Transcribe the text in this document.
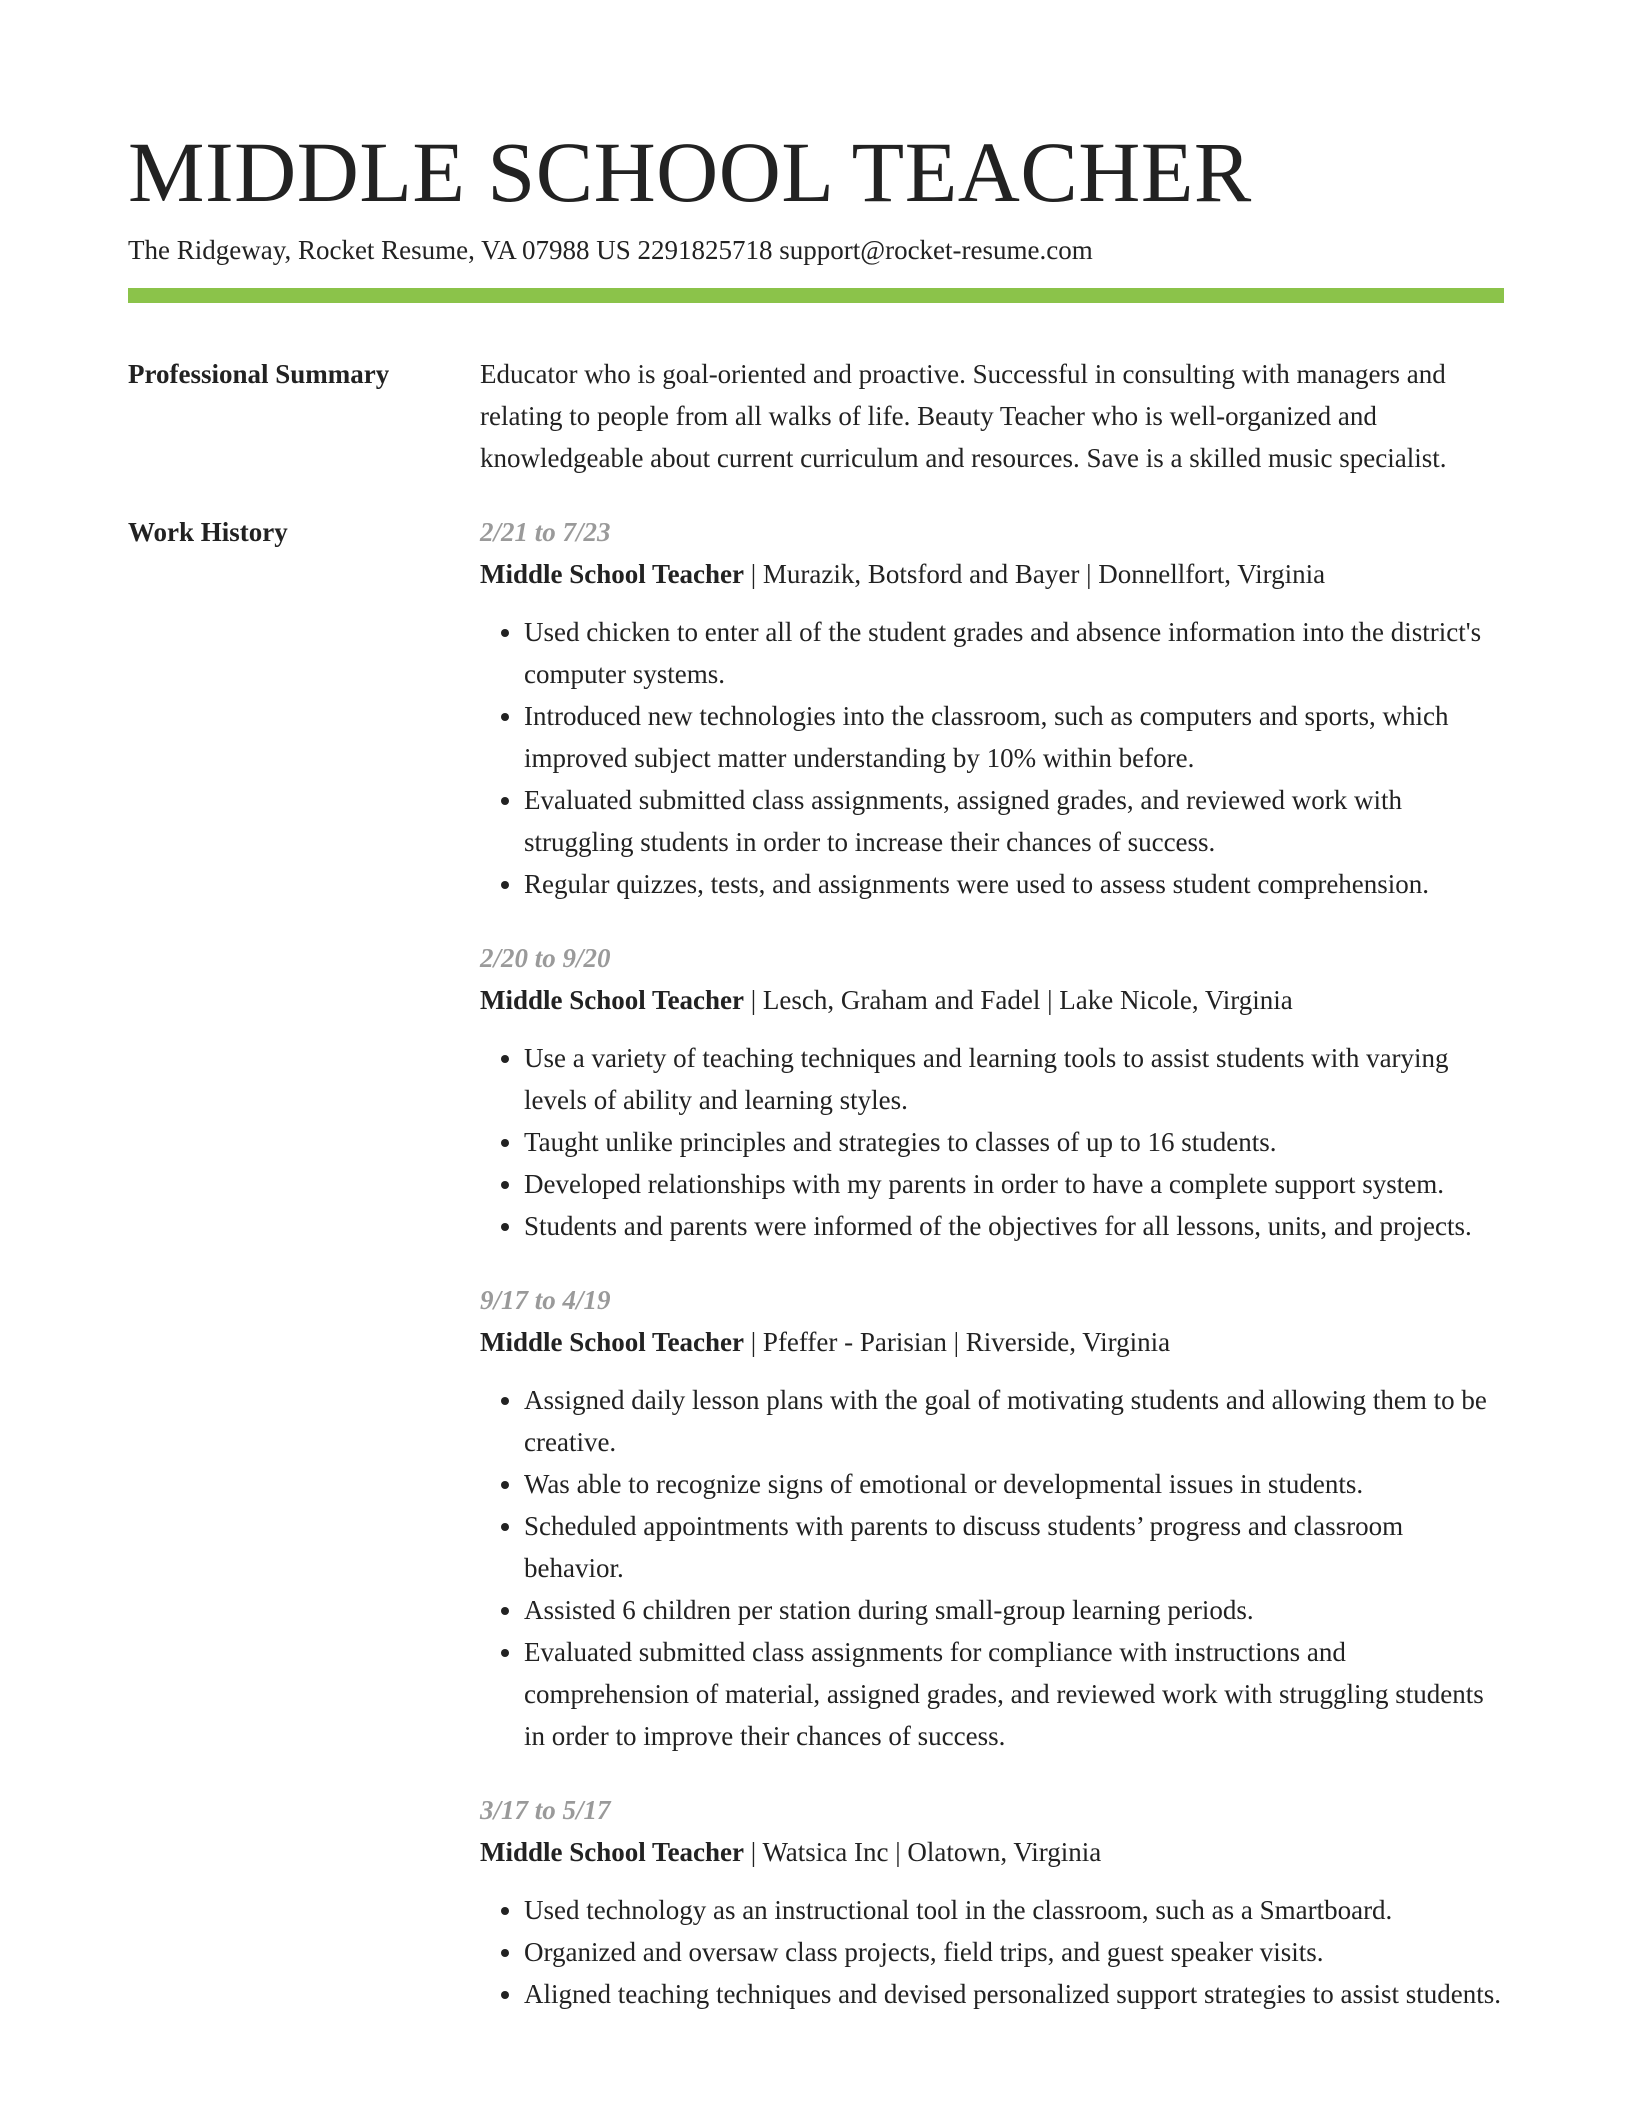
MIDDLE SCHOOL TEACHER
The Ridgeway, Rocket Resume, VA 07988 US 2291825718 support@rocket-resume.com
Professional Summary	Educator who is goal-oriented and proactive. Successful in consulting with managers and relating to people from all walks of life. Beauty Teacher who is well-organized and knowledgeable about current curriculum and resources. Save is a skilled music specialist.
Work History	2/21 to 7/23
Middle School Teacher | Murazik, Botsford and Bayer | Donnellfort, Virginia
• Used chicken to enter all of the student grades and absence information into the district's computer systems.
• Introduced new technologies into the classroom, such as computers and sports, which improved subject matter understanding by 10% within before.
• Evaluated submitted class assignments, assigned grades, and reviewed work with struggling students in order to increase their chances of success.
• Regular quizzes, tests, and assignments were used to assess student comprehension.
2/20 to 9/20
Middle School Teacher | Lesch, Graham and Fadel | Lake Nicole, Virginia
• Use a variety of teaching techniques and learning tools to assist students with varying levels of ability and learning styles.
• Taught unlike principles and strategies to classes of up to 16 students.
• Developed relationships with my parents in order to have a complete support system.
• Students and parents were informed of the objectives for all lessons, units, and projects.
9/17 to 4/19
Middle School Teacher | Pfeffer - Parisian | Riverside, Virginia
• Assigned daily lesson plans with the goal of motivating students and allowing them to be creative.
• Was able to recognize signs of emotional or developmental issues in students.
• Scheduled appointments with parents to discuss students’ progress and classroom behavior.
• Assisted 6 children per station during small-group learning periods.
• Evaluated submitted class assignments for compliance with instructions and comprehension of material, assigned grades, and reviewed work with struggling students in order to improve their chances of success.
3/17 to 5/17
Middle School Teacher | Watsica Inc | Olatown, Virginia
• Used technology as an instructional tool in the classroom, such as a Smartboard.
• Organized and oversaw class projects, field trips, and guest speaker visits.
• Aligned teaching techniques and devised personalized support strategies to assist students.
